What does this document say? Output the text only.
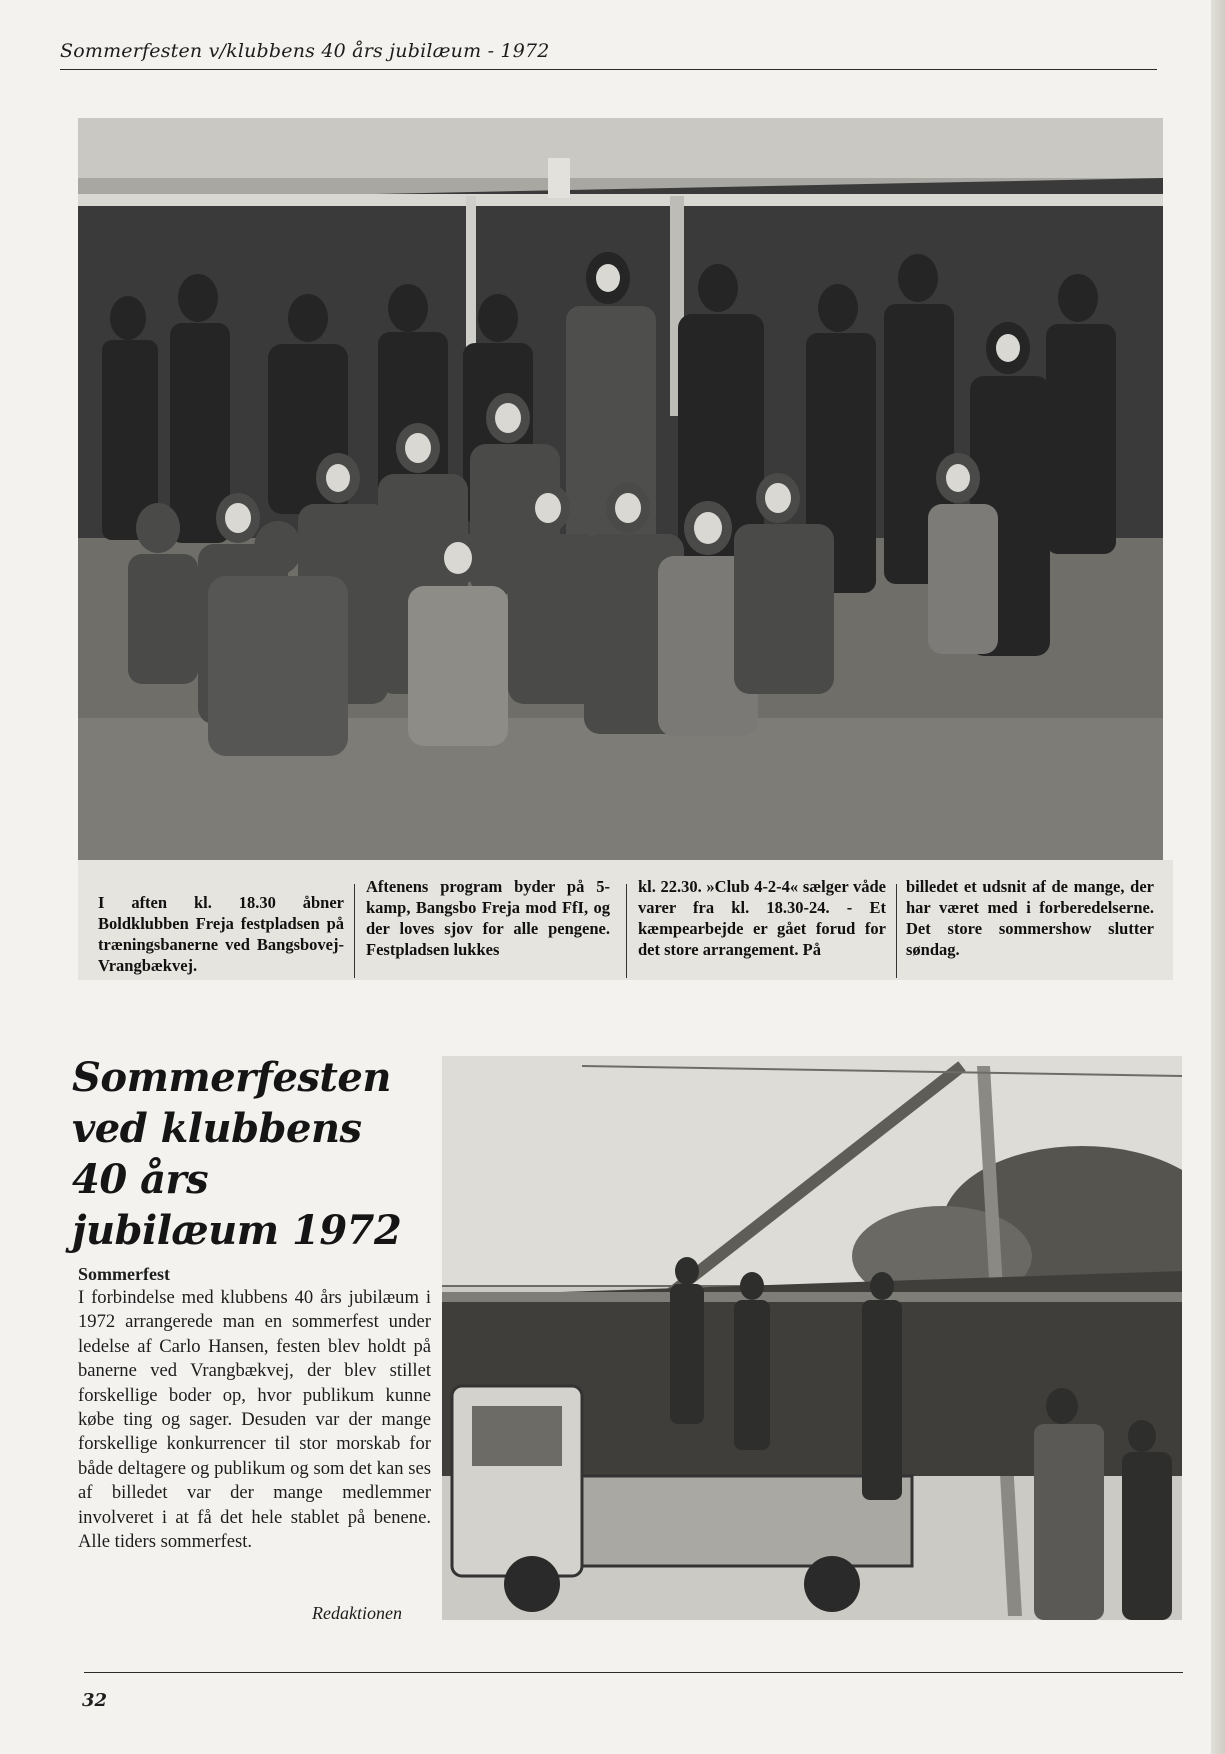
Sommerfesten v/klubbens 40 års jubilæum - 1972
I aften kl. 18.30 åbner Boldklubben Freja festpladsen på træningsbanerne ved Bangsbovej-Vrangbækvej.
Aftenens program byder på 5-kamp, Bangsbo Freja mod FfI, og der loves sjov for alle pengene. Festpladsen lukkes
kl. 22.30. »Club 4-2-4« sælger våde varer fra kl. 18.30-24. - Et kæmpearbejde er gået forud for det store arrangement. På
billedet et udsnit af de mange, der har været med i forberedelserne. Det store sommershow slutter søndag.
Sommerfesten ved klubbens 40 års jubilæum 1972
Sommerfest
I forbindelse med klubbens 40 års jubilæum i 1972 arrangerede man en sommerfest under ledelse af Carlo Hansen, festen blev holdt på banerne ved Vrangbækvej, der blev stillet forskellige boder op, hvor publikum kunne købe ting og sager. Desuden var der mange forskellige konkurrencer til stor morskab for både deltagere og publikum og som det kan ses af billedet var der mange medlemmer involveret i at få det hele stablet på benene. Alle tiders sommerfest.
Redaktionen
32
